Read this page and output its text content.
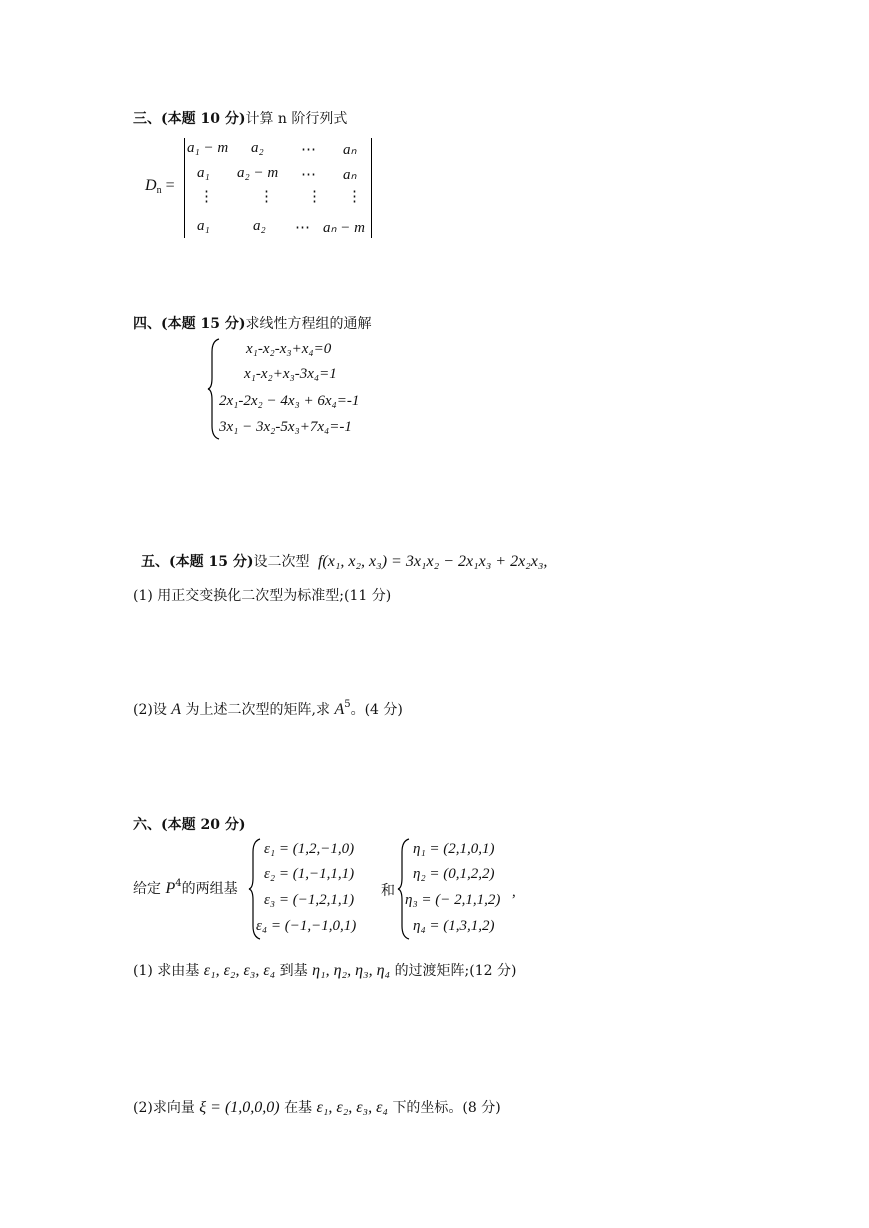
三、(本题 10 分)计算 n 阶行列式
$D_n$ =
a₁ − m a₂ ⋯ aₙ
a₁ a₂ − m ⋯ aₙ
⋮	⋮ ⋮ ⋮
a₁	a₂ ⋯ aₙ − m
四、(本题 15 分)求线性方程组的通解
x₁-x₂-x₃+x₄=0
x₁-x₂+x₃-3x₄=1
2x₁-2x₂ − 4x₃ + 6x₄=-1
3x₁ − 3x₂-5x₃+7x₄=-1
五、(本题 15 分)设二次型 f(x₁, x₂, x₃) = 3x₁x₂ − 2x₁x₃ + 2x₂x₃,
(1) 用正交变换化二次型为标准型;(11 分)
(2)设 A 为上述二次型的矩阵,求 $A^5$。(4 分)
六、(本题 20 分)
给定 $P^4$的两组基
ε₁ = (1,2,−1,0)
ε₂ = (1,−1,1,1)
ε₃ = (−1,2,1,1)
ε₄ = (−1,−1,0,1)
和
η₁ = (2,1,0,1)
η₂ = (0,1,2,2)
η₃ = (− 2,1,1,2)
η₄ = (1,3,1,2)
,
(1) 求由基 ε₁, ε₂, ε₃, ε₄ 到基 η₁, η₂, η₃, η₄ 的过渡矩阵;(12 分)
(2)求向量 ξ = (1,0,0,0) 在基 ε₁, ε₂, ε₃, ε₄ 下的坐标。(8 分)
